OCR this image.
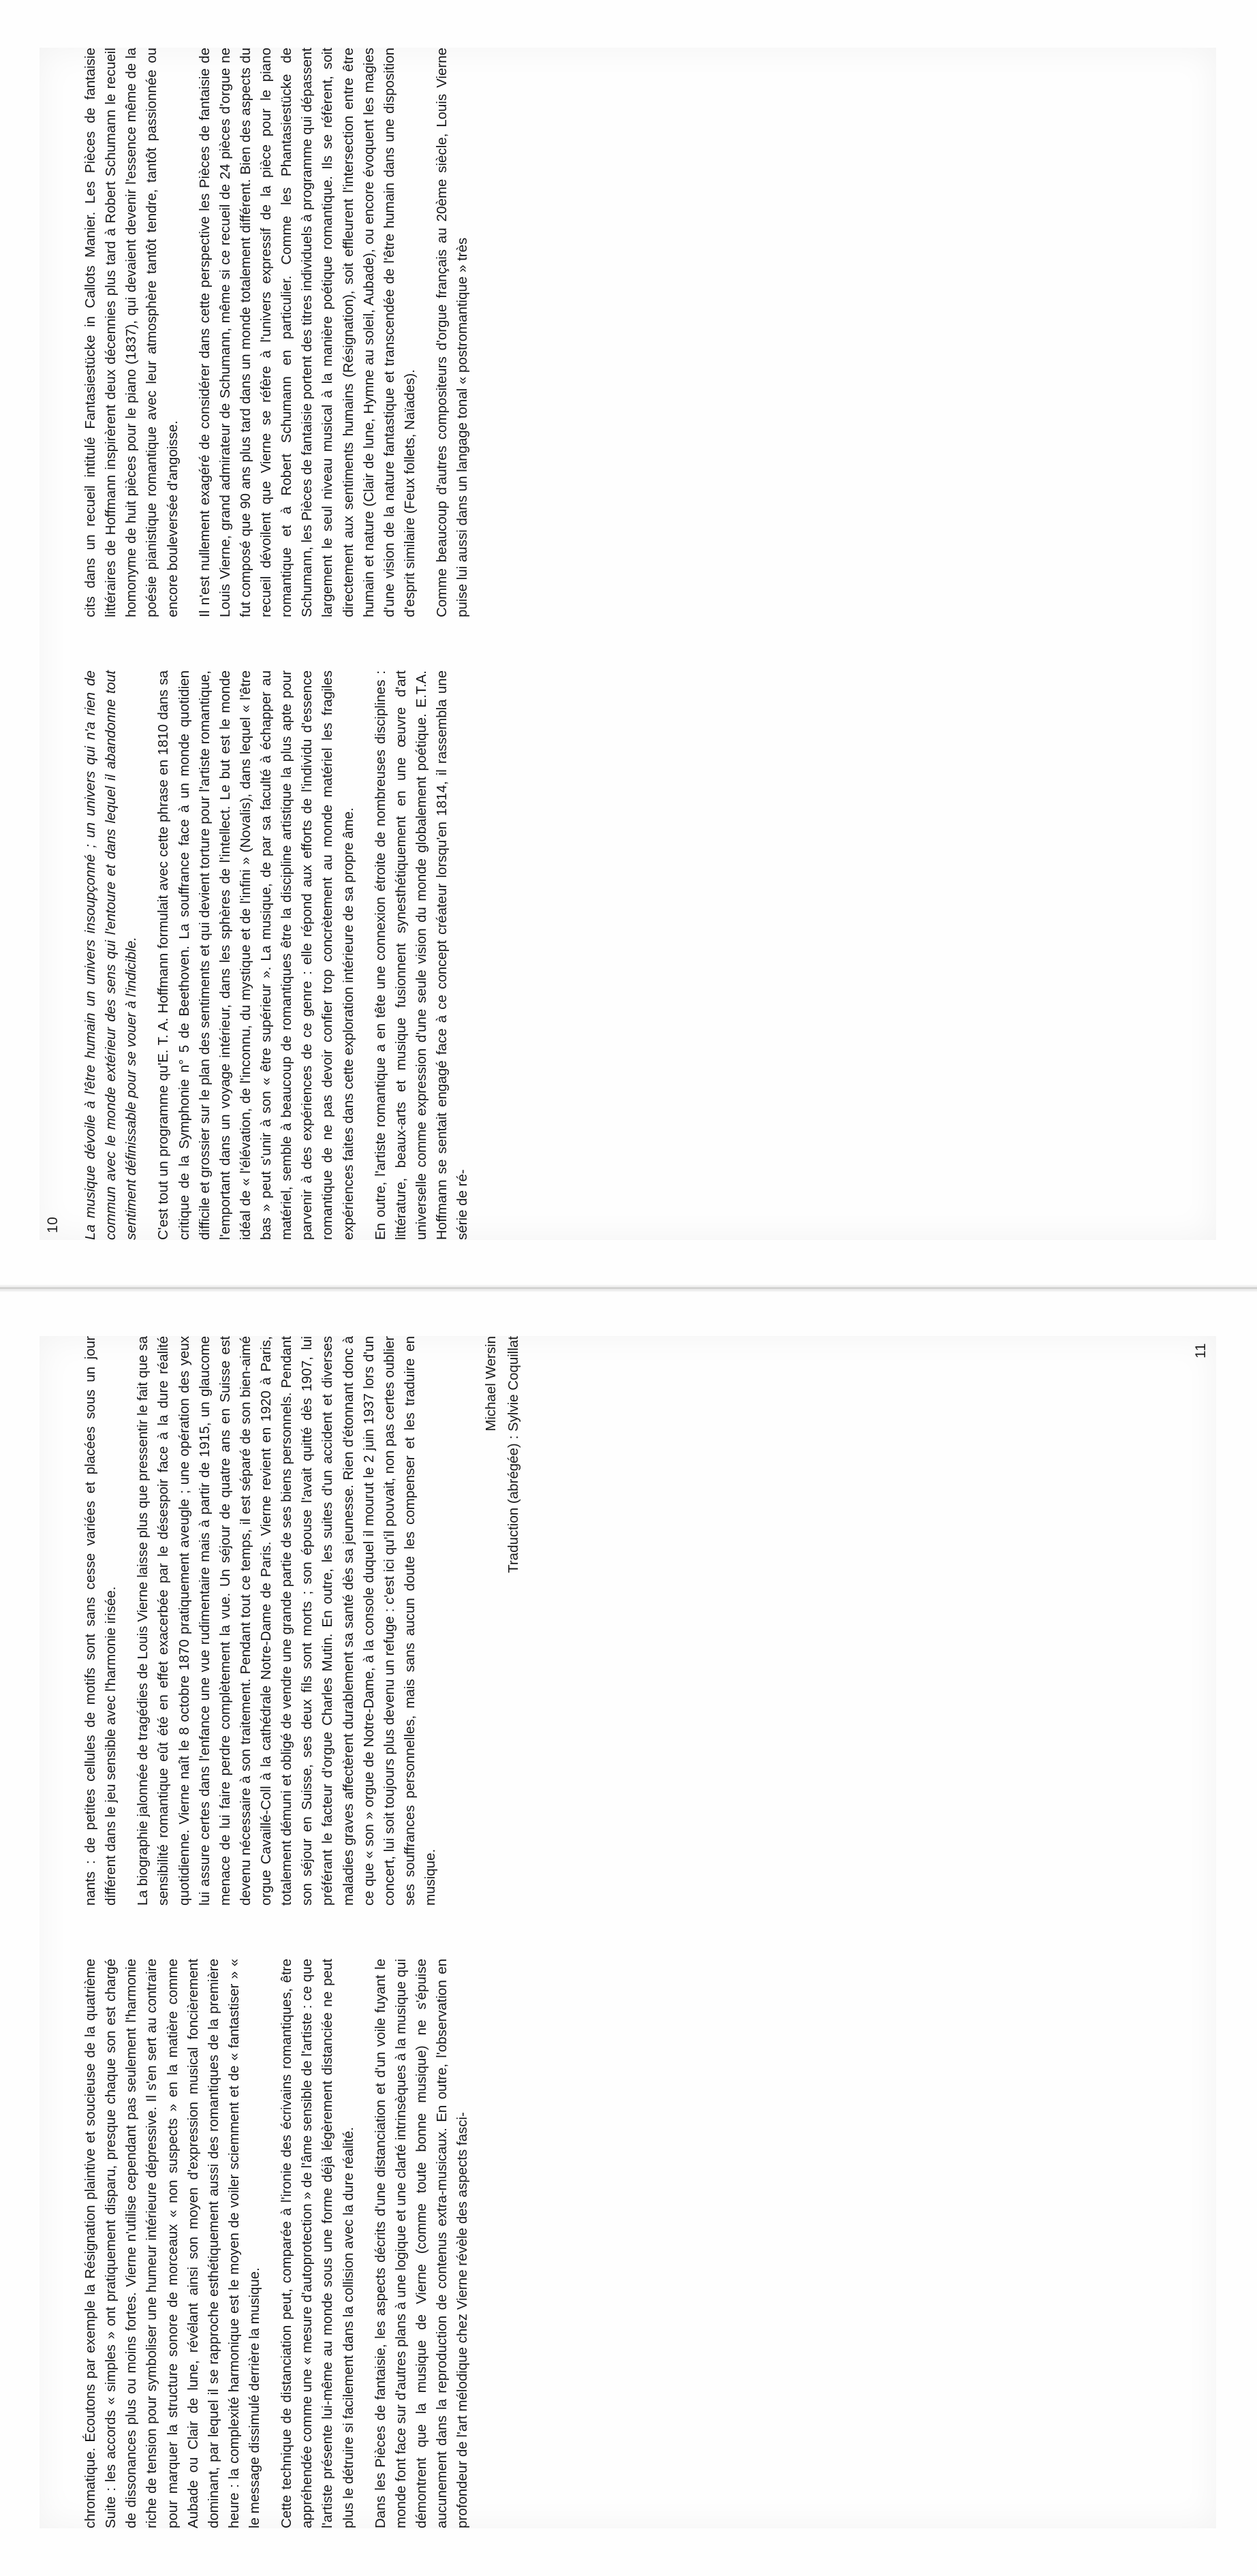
10 La musique dévoile à l'être humain un univers insoupçonné ; un univers qui n'a rien de commun avec le monde extérieur des sens qui l'entoure et dans lequel il abandonne tout sentiment définissable pour se vouer à l'indicible. C'est tout un programme qu'E. T. A. Hoffmann formulait avec cette phrase en 1810 dans sa critique de la Symphonie n° 5 de Beethoven. La souffrance face à un monde quotidien difficile et grossier sur le plan des sentiments et qui devient torture pour l'artiste romantique, l'emportant dans un voyage intérieur, dans les sphères de l'intellect. Le but est le monde idéal de « l'élévation, de l'inconnu, du mystique et de l'infini » (Novalis), dans lequel « l'être bas » peut s'unir à son « être supérieur ». La musique, de par sa faculté à échapper au matériel, semble à beaucoup de romantiques être la discipline artistique la plus apte pour parvenir à des expériences de ce genre : elle répond aux efforts de l'individu d'essence romantique de ne pas devoir confier trop concrètement au monde matériel les fragiles expériences faites dans cette exploration intérieure de sa propre âme. En outre, l'artiste romantique a en tête une connexion étroite de nombreuses disciplines : littérature, beaux-arts et musique fusionnent synesthétiquement en une œuvre d'art universelle comme expression d'une seule vision du monde globalement poétique. E.T.A. Hoffmann se sentait engagé face à ce concept créateur lorsqu'en 1814, il rassembla une série de ré-

cits dans un recueil intitulé Fantasiestücke in Callots Manier. Les Pièces de fantaisie littéraires de Hoffmann inspirèrent deux décennies plus tard à Robert Schumann le recueil homonyme de huit pièces pour le piano (1837), qui devaient devenir l'essence même de la poésie pianistique romantique avec leur atmosphère tantôt tendre, tantôt passionnée ou encore bouleversée d'angoisse. Il n'est nullement exagéré de considérer dans cette perspective les Pièces de fantaisie de Louis Vierne, grand admirateur de Schumann, même si ce recueil de 24 pièces d'orgue ne fut composé que 90 ans plus tard dans un monde totalement différent. Bien des aspects du recueil dévoilent que Vierne se réfère à l'univers expressif de la pièce pour le piano romantique et à Robert Schumann en particulier. Comme les Phantasiestücke de Schumann, les Pièces de fantaisie portent des titres individuels à programme qui dépassent largement le seul niveau musical à la manière poétique romantique. Ils se réfèrent, soit directement aux sentiments humains (Résignation), soit effleurent l'intersection entre être humain et nature (Clair de lune, Hymne au soleil, Aubade), ou encore évoquent les magies d'une vision de la nature fantastique et transcendée de l'être humain dans une disposition d'esprit similaire (Feux follets, Naïades). Comme beaucoup d'autres compositeurs d'orgue français au 20ème siècle, Louis Vierne puise lui aussi dans un langage tonal « postromantique » très

11

chromatique. Écoutons par exemple la Résignation plaintive et soucieuse de la quatrième Suite : les accords « simples » ont pratiquement disparu, presque chaque son est chargé de dissonances plus ou moins fortes. Vierne n'utilise cependant pas seulement l'harmonie riche de tension pour symboliser une humeur intérieure dépressive. Il s'en sert au contraire pour marquer la structure sonore de morceaux « non suspects » en la matière comme Aubade ou Clair de lune, révélant ainsi son moyen d'expression musical foncièrement dominant, par lequel il se rapproche esthétiquement aussi des romantiques de la première heure : la complexité harmonique est le moyen de voiler sciemment et de « fantastiser » « le message dissimulé derrière la musique. Cette technique de distanciation peut, comparée à l'ironie des écrivains romantiques, être appréhendée comme une « mesure d'autoprotection » de l'âme sensible de l'artiste : ce que l'artiste présente lui-même au monde sous une forme déjà légèrement distanciée ne peut plus le détruire si facilement dans la collision avec la dure réalité. Dans les Pièces de fantaisie, les aspects décrits d'une distanciation et d'un voile fuyant le monde font face sur d'autres plans à une logique et une clarté intrinsèques à la musique qui démontrent que la musique de Vierne (comme toute bonne musique) ne s'épuise aucunement dans la reproduction de contenus extra-musicaux. En outre, l'observation en profondeur de l'art mélodique chez Vierne révèle des aspects fasci-

nants : de petites cellules de motifs sont sans cesse variées et placées sous un jour différent dans le jeu sensible avec l'harmonie irisée. La biographie jalonnée de tragédies de Louis Vierne laisse plus que pressentir le fait que sa sensibilité romantique eût été en effet exacerbée par le désespoir face à la dure réalité quotidienne. Vierne naît le 8 octobre 1870 pratiquement aveugle ; une opération des yeux lui assure certes dans l'enfance une vue rudimentaire mais à partir de 1915, un glaucome menace de lui faire perdre complètement la vue. Un séjour de quatre ans en Suisse est devenu nécessaire à son traitement. Pendant tout ce temps, il est séparé de son bien-aimé orgue Cavaillé-Coll à la cathédrale Notre-Dame de Paris. Vierne revient en 1920 à Paris, totalement démuni et obligé de vendre une grande partie de ses biens personnels. Pendant son séjour en Suisse, ses deux fils sont morts ; son épouse l'avait quitté dès 1907, lui préférant le facteur d'orgue Charles Mutin. En outre, les suites d'un accident et diverses maladies graves affectèrent durablement sa santé dès sa jeunesse. Rien d'étonnant donc à ce que « son » orgue de Notre-Dame, à la console duquel il mourut le 2 juin 1937 lors d'un concert, lui soit toujours plus devenu un refuge : c'est ici qu'il pouvait, non pas certes oublier ses souffrances personnelles, mais sans aucun doute les compenser et les traduire en musique.

Michael Wersin Traduction (abrégée) : Sylvie Coquillat
